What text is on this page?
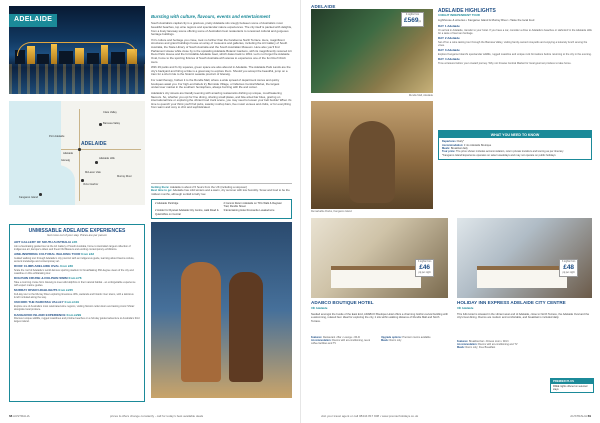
ADELAIDE
Clare Valley
Barossa Valley
Adelaide Hills
ADELAIDE
Adelaide
McLaren Vale
Glenelg
Victor Harbor
Kangaroo Island
Murray River
Port Adelaide
Bursting with culture, flavours, events and entertainment

South Australia's capital city is a gracious, pretty Adelaide sits snugly between some of Australia's most beautiful beaches, top wine regions and spectacular nature experiences. The city itself is packed with delights, from a lively laneway scene offering some of Australia's best restaurants to renowned cultural and gorgeous heritage buildings.

If it's culture and heritage you crave, look no further than the handsome North Terrace. Here, magnificent structures and grand buildings house an array of museums and galleries, including the Art Gallery of South Australia, the State Library of South Australia and the South Australian Museum. Here also you'll find Parliament House while close by is the sprawling Adelaide Botanic Gardens, with its magnificently restored Art Deco Palm House and the formidable Adelaide Gaol, which dates back to 1841. Let's not forget the Adelaide Oval, home to the sporting fixtures of South Australia with arenas to experience one of the fun Roof Climb tours.

With 29 parks and 6 city squares, green space are also abound in Adelaide. The Adelaide Park Lands are the city's backyard and hiring a bike is a great way to explore them. Should you accept the beautiful, jump on a tram for a short ride to the historic seaside precinct of Glenelg.

For retail therapy, hotfoot it to the Rundle Mall, where a wide spread of department stores and quirky boutiques await you. For high-end labels try Burnside Village, or fabulous Central Market, the largest undercover market in the southern hemisphere, always buzzing with life and colour.

Adelaide's city streets are literally teeming with amazing restaurants dishing up unique, mouthwatering flavours. So, whether you opt for fine dining, sharing small plates, and bite-sized bar bites, grazing on international fare or exploring the vibrant food truck scene, you may need to loosen your belt buckle! When it's time to quench your thirst you'll find pubs, swanky rooftop bars, live music venues and clubs, or for everything from warm and cosy to chic and sophisticated.

Getting there: Adelaide is about 2.5 hours from the UK (including a stopover)
Best time to go: Adelaide has mild winters and a warm, dry summer with low humidity. Snow and food to be the mildest months, although sunfall is fairly low.
2 Adelaide Partridge	2 Cannot Return Adelaide on TFG Walk & Register Trail, Rundle Street
2 Holder for Ryanair Adelaide City Centre, walk Road & Quiet/office on Central
3 Entertaining Hotel Fremantle Lusaka/more
UNMISSABLE ADELAIDE EXPERIENCES
Get more out of your stay. Prices are per person
ART GALLERY OF SOUTH AUSTRALIA £35
Join a fascinating guided tour at the Art Gallery of South Australia, home to Australia's largest collection of indigenous art, Europe's oldest and finest Old Masters and exciting contemporary exhibitions.
AWE-INSPIRING CULTURAL WALKING TOUR from £32
Guided walking tour through Adelaide's city precinct with an indigenous guide, learning about Kaurna culture, ancient knowledge and contemporary art.
ROOF CLIMB ADELAIDE OVAL from £60
Scale the roof of Adelaide's world-famous sporting stadium for breathtaking 360-degree views of the city and coastline on this exhilarating tour.
DOLPHIN CRUISE & DOLPHIN SWIM from £78
Take a morning cruise from Glenelg to meet wild dolphins in their natural habitat - an unforgettable experience with expert marine guides.
MURRAY RIVER HIGHLIGHTS from £245
Full-day tour to the Murray River exploring limestone cliffs, wetlands and historic river towns, with a delicious lunch included along the way.
UNCORK THE BAROSSA VALLEY from £119
Explore one of Australia's most celebrated wine regions, visiting historic cellar doors and tasting iconic Shiraz alongside local produce.
KANGAROO ISLAND EXPERIENCE from £299
Discover unique wildlife, rugged coastlines and pristine beaches on a full-day guided adventure to Australia's third largest island.
68 AUSTRALIA	prices & offers change constantly - call for today's best available deals
ADELAIDE
3 nights from
£569pp
Rundle Mall, Adelaide
ADELAIDE HIGHLIGHTS
3 NIGHT INDEPENDENT TOUR
Lighthouse & wineries • Kangaroo Island & Murray River • Taste the local food
DAY 1 Adelaide
On arrival in Adelaide, transfer to your hotel. If you have a car, consider a drive to Adelaide's beaches or Hahndorf in the Adelaide Hills for a taste of German heritage.
DAY 2 Adelaide
Set off on a wine tasting tour through the Barossa Valley, visiting family-owned vineyards and enjoying a leisurely lunch among the vines.
DAY 3 Adelaide
Explore Kangaroo Island's spectacular wildlife, rugged coastline and unique rock formations before returning to the city in the evening.
DAY 4 Adelaide
Time at leisure before your onward journey. Why not browse Central Market for local gourmet produce to take home.
Remarkable Rocks, Kangaroo Island
WHAT YOU NEED TO KNOW
Departures: Daily*
Accommodation: 3 nts Adelaide Boutique
Meals: Breakfast daily
Tour price: The price shown includes accommodation, return private transfers and touring as per itinerary
*Kangaroo Island Experience operates on select weekdays and may not operate on public holidays
3 nights from
£46
pp per night
ADABCO BOUTIQUE HOTEL
3★ Adelaide
Nestled amongst the bustle of the East End, ADABCO Boutique Hotel offers a charming Gothic-revival building with a welcoming, relaxed feel. Ideal for exploring the city, it sits within walking distance of Rundle Mall and North Terrace.
Features: Restaurant • Bar • Lounge • Wi-Fi
Accommodation: Rooms with air-conditioning, tea & coffee facilities and TV
Upgrade options: Premium rooms available
Meals: Room only
3 nights from
£48
pp per night
HOLIDAY INN EXPRESS ADELAIDE CITY CENTRE
3★ Adelaide
This IHG Hotel is situated in the vibrant west end of Adelaide, close to North Terrace, the Adelaide Oval and the city's best dining. Rooms are modern and comfortable, and breakfast is included daily.
Features: Breakfast bar • Fitness room • Wi-Fi
Accommodation: Rooms with air-conditioning and TV
Meals: Room only; Free Breakfast
PREMIER PLUS
FREE nights offered on selected stays
visit your travel agent or call 08444 817 908 • www.premierholidays.co.uk	AUSTRALIA 69
